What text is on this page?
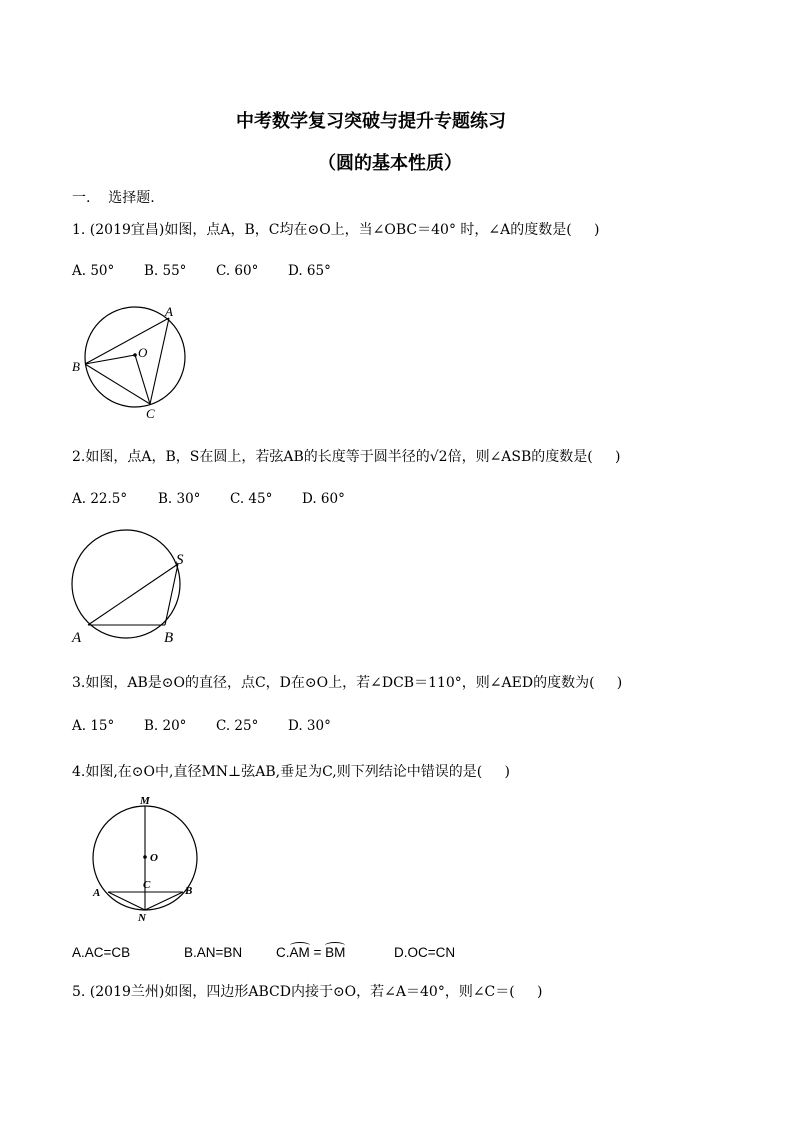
中考数学复习突破与提升专题练习
（圆的基本性质）
一.    选择题.
1. (2019宜昌)如图，点A，B，C均在⊙O上，当∠OBC＝40° 时，∠A的度数是(     )
A. 50° B. 55° C. 60° D. 65°
A
B
C
O
2.如图，点A，B，S在圆上，若弦AB的长度等于圆半径的√2倍，则∠ASB的度数是(     )
A. 22.5° B. 30° C. 45° D. 60°
S
A	B
3.如图，AB是⊙O的直径，点C，D在⊙O上，若∠DCB＝110°，则∠AED的度数为(     )
A. 15° B. 20° C. 25° D. 30°
4.如图,在⊙O中,直径MN⊥弦AB,垂足为C,则下列结论中错误的是(     )
M
O
C
A	B
N
A.AC=CB	B.AN=BN	C.AM = BM	D.OC=CN
5. (2019兰州)如图，四边形ABCD内接于⊙O，若∠A＝40°，则∠C＝(     )
